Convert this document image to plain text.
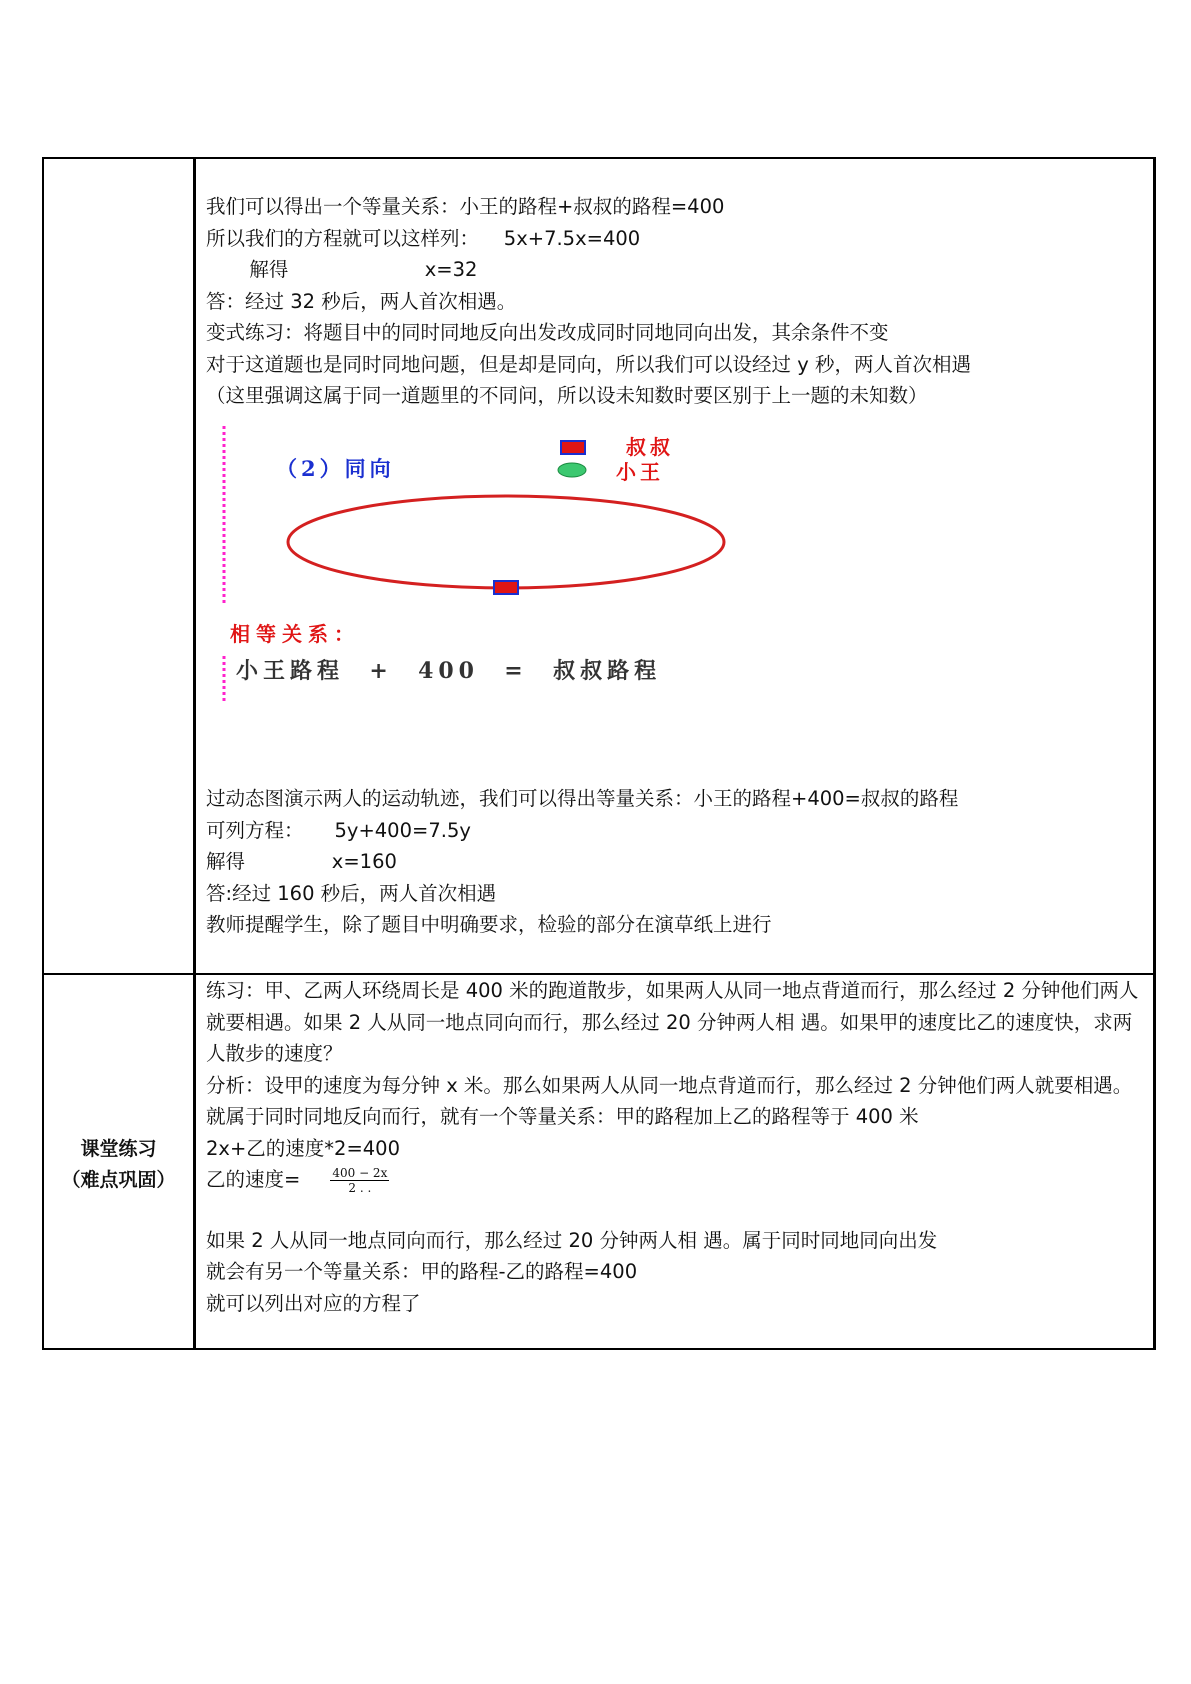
我们可以得出一个等量关系：小王的路程+叔叔的路程=400
所以我们的方程就可以这样列：    5x+7.5x=400
解得                      x=32
答：经过 32 秒后，两人首次相遇。
变式练习：将题目中的同时同地反向出发改成同时同地同向出发，其余条件不变
对于这道题也是同时同地问题，但是却是同向，所以我们可以设经过 y 秒，两人首次相遇
（这里强调这属于同一道题里的不同问，所以设未知数时要区别于上一题的未知数）
（2）同向
叔叔
小王
相等关系：
小王路程  +  400  =  叔叔路程
过动态图演示两人的运动轨迹，我们可以得出等量关系：小王的路程+400=叔叔的路程
可列方程：     5y+400=7.5y
解得              x=160
答:经过 160 秒后，两人首次相遇
教师提醒学生，除了题目中明确要求，检验的部分在演草纸上进行
课堂练习
（难点巩固）
练习：甲、乙两人环绕周长是 400 米的跑道散步，如果两人从同一地点背道而行，那么经过 2 分钟他们两人就要相遇。如果 2 人从同一地点同向而行，那么经过 20 分钟两人相 遇。如果甲的速度比乙的速度快，求两人散步的速度？
分析：设甲的速度为每分钟 x 米。那么如果两人从同一地点背道而行，那么经过 2 分钟他们两人就要相遇。就属于同时同地反向而行，就有一个等量关系：甲的路程加上乙的路程等于 400 米
2x+乙的速度*2=400
乙的速度=	$\frac{400 - 2x}{2 . .}$
如果 2 人从同一地点同向而行，那么经过 20 分钟两人相 遇。属于同时同地同向出发
就会有另一个等量关系：甲的路程-乙的路程=400
就可以列出对应的方程了
